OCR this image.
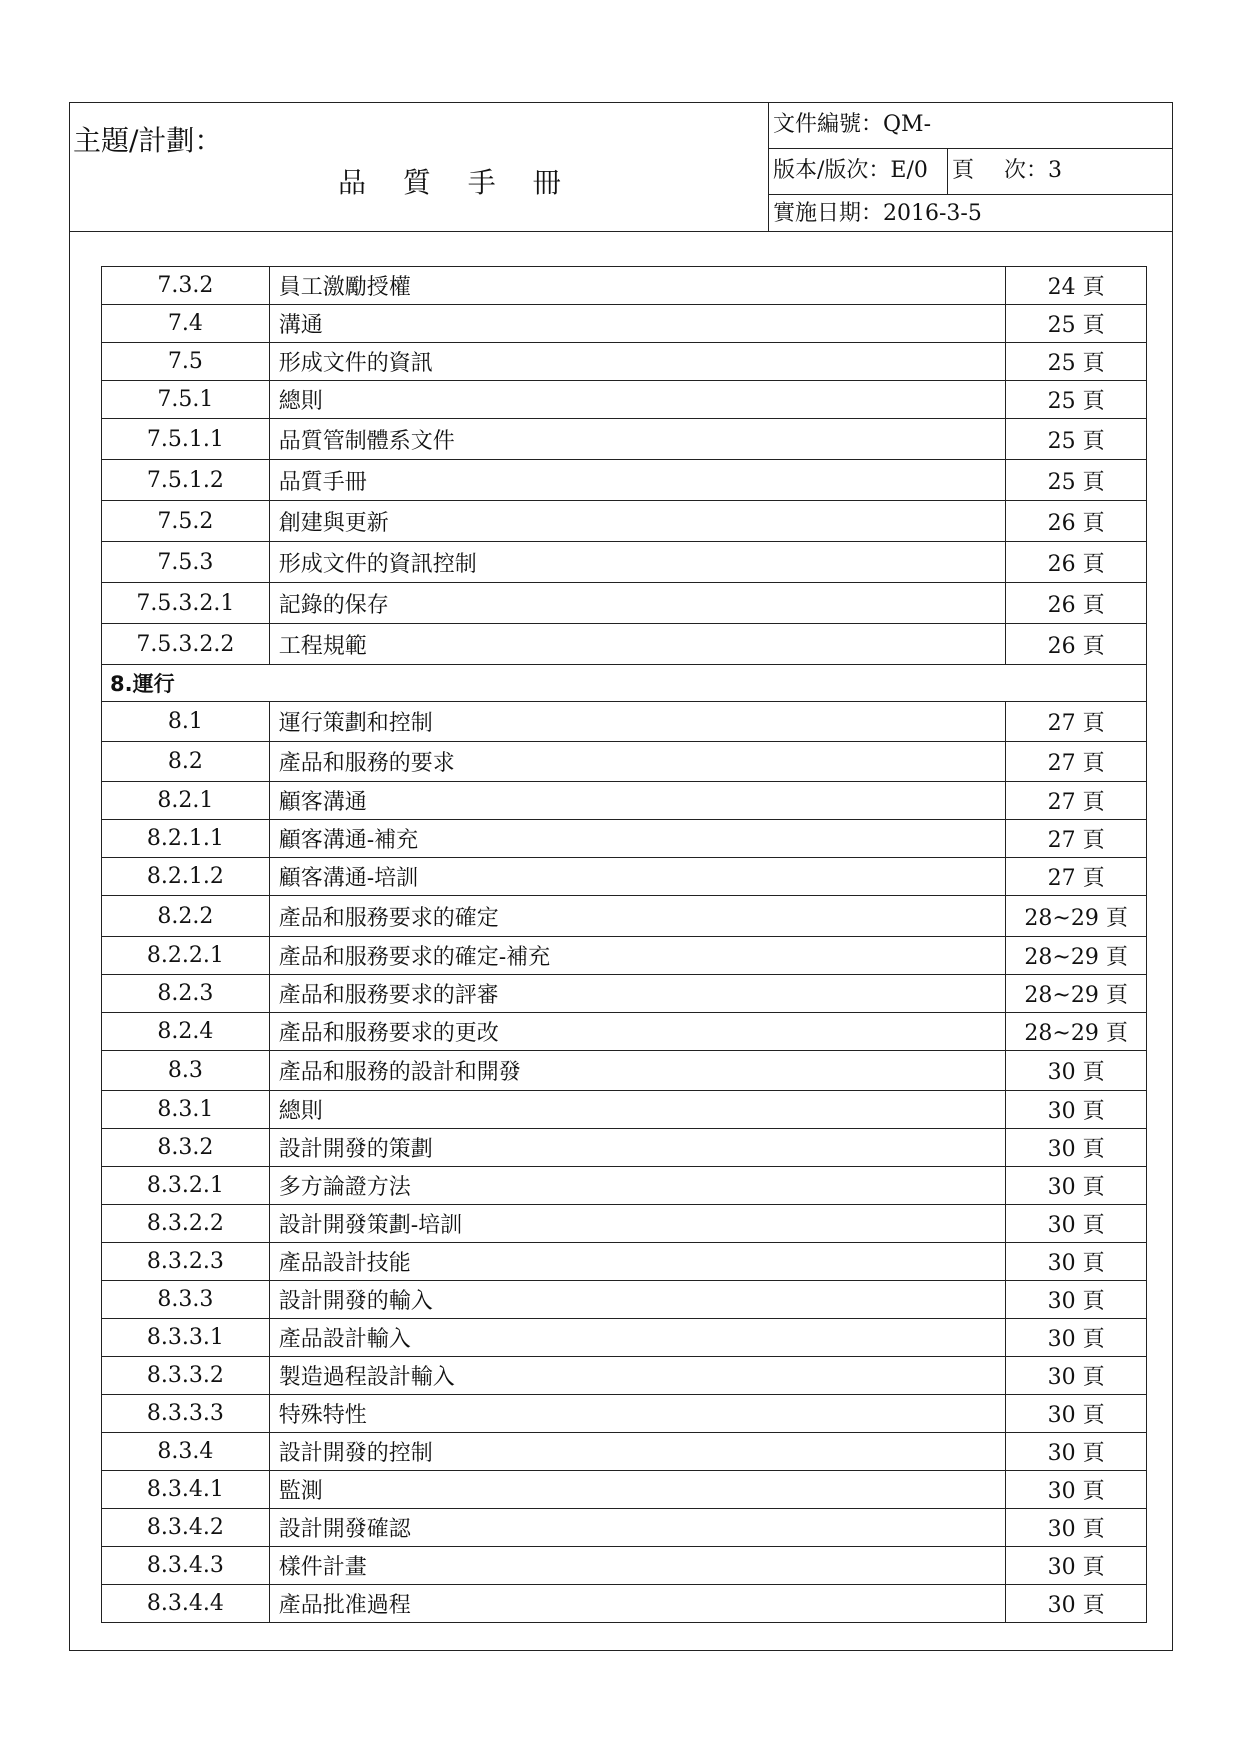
主題/計劃：
品 質 手 冊
文件編號：QM-
版本/版次：E/0 頁 次：3
實施日期：2016-3-5
7.3.2	員工激勵授權	24 頁
7.4	溝通	25 頁
7.5	形成文件的資訊	25 頁
7.5.1	總則	25 頁
7.5.1.1	品質管制體系文件	25 頁
7.5.1.2	品質手冊	25 頁
7.5.2	創建與更新	26 頁
7.5.3	形成文件的資訊控制	26 頁
7.5.3.2.1	記錄的保存	26 頁
7.5.3.2.2	工程規範	26 頁
8.運行		
8.1	運行策劃和控制	27 頁
8.2	產品和服務的要求	27 頁
8.2.1	顧客溝通	27 頁
8.2.1.1	顧客溝通-補充	27 頁
8.2.1.2	顧客溝通-培訓	27 頁
8.2.2	產品和服務要求的確定	28~29 頁
8.2.2.1	產品和服務要求的確定-補充	28~29 頁
8.2.3	產品和服務要求的評審	28~29 頁
8.2.4	產品和服務要求的更改	28~29 頁
8.3	產品和服務的設計和開發	30 頁
8.3.1	總則	30 頁
8.3.2	設計開發的策劃	30 頁
8.3.2.1	多方論證方法	30 頁
8.3.2.2	設計開發策劃-培訓	30 頁
8.3.2.3	產品設計技能	30 頁
8.3.3	設計開發的輸入	30 頁
8.3.3.1	產品設計輸入	30 頁
8.3.3.2	製造過程設計輸入	30 頁
8.3.3.3	特殊特性	30 頁
8.3.4	設計開發的控制	30 頁
8.3.4.1	監測	30 頁
8.3.4.2	設計開發確認	30 頁
8.3.4.3	樣件計畫	30 頁
8.3.4.4	產品批准過程	30 頁
